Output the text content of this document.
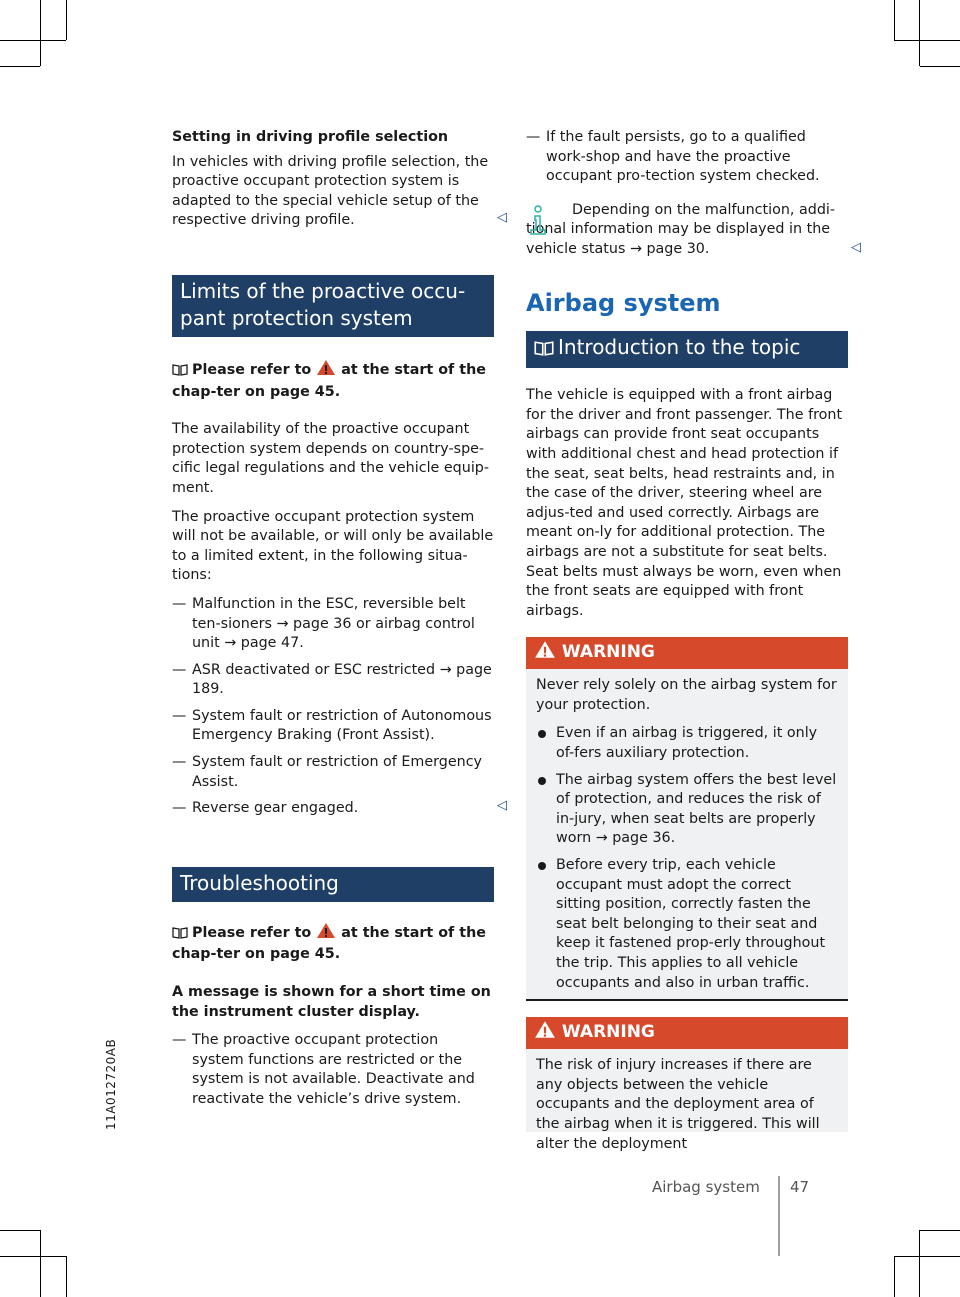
11A012720AB

Setting in driving profile selection

In vehicles with driving profile selection, the proactive occupant protection system is adapted to the special vehicle setup of the respective driving profile.

Limits of the proactive occu-pant protection system

Please refer to at the start of the chap-ter on page 45.

The availability of the proactive occupant protection system depends on country-spe-cific legal regulations and the vehicle equip-ment.

The proactive occupant protection system will not be available, or will only be available to a limited extent, in the following situa-tions:

— Malfunction in the ESC, reversible belt ten-sioners → page 36 or airbag control unit → page 47.
— ASR deactivated or ESC restricted → page 189.
— System fault or restriction of Autonomous Emergency Braking (Front Assist).
— System fault or restriction of Emergency Assist.
— Reverse gear engaged.
Troubleshooting

Please refer to at the start of the chap-ter on page 45.

A message is shown for a short time on the instrument cluster display.

— The proactive occupant protection system functions are restricted or the system is not available. Deactivate and reactivate the vehicle’s drive system.
◁
◁
◁
— If the fault persists, go to a qualified work-shop and have the proactive occupant pro-tection system checked.

Depending on the malfunction, addi-tional information may be displayed in the vehicle status → page 30.

Airbag system

Introduction to the topic

The vehicle is equipped with a front airbag for the driver and front passenger. The front airbags can provide front seat occupants with additional chest and head protection if the seat, seat belts, head restraints and, in the case of the driver, steering wheel are adjus-ted and used correctly. Airbags are meant on-ly for additional protection. The airbags are not a substitute for seat belts. Seat belts must always be worn, even when the front seats are equipped with front airbags.

WARNING

Never rely solely on the airbag system for your protection.

Even if an airbag is triggered, it only of-fers auxiliary protection.
The airbag system offers the best level of protection, and reduces the risk of in-jury, when seat belts are properly worn → page 36.
Before every trip, each vehicle occupant must adopt the correct sitting position, correctly fasten the seat belt belonging to their seat and keep it fastened prop-erly throughout the trip. This applies to all vehicle occupants and also in urban traffic.
WARNING

The risk of injury increases if there are any objects between the vehicle occupants and the deployment area of the airbag when it is triggered. This will alter the deployment

Airbag system 47
